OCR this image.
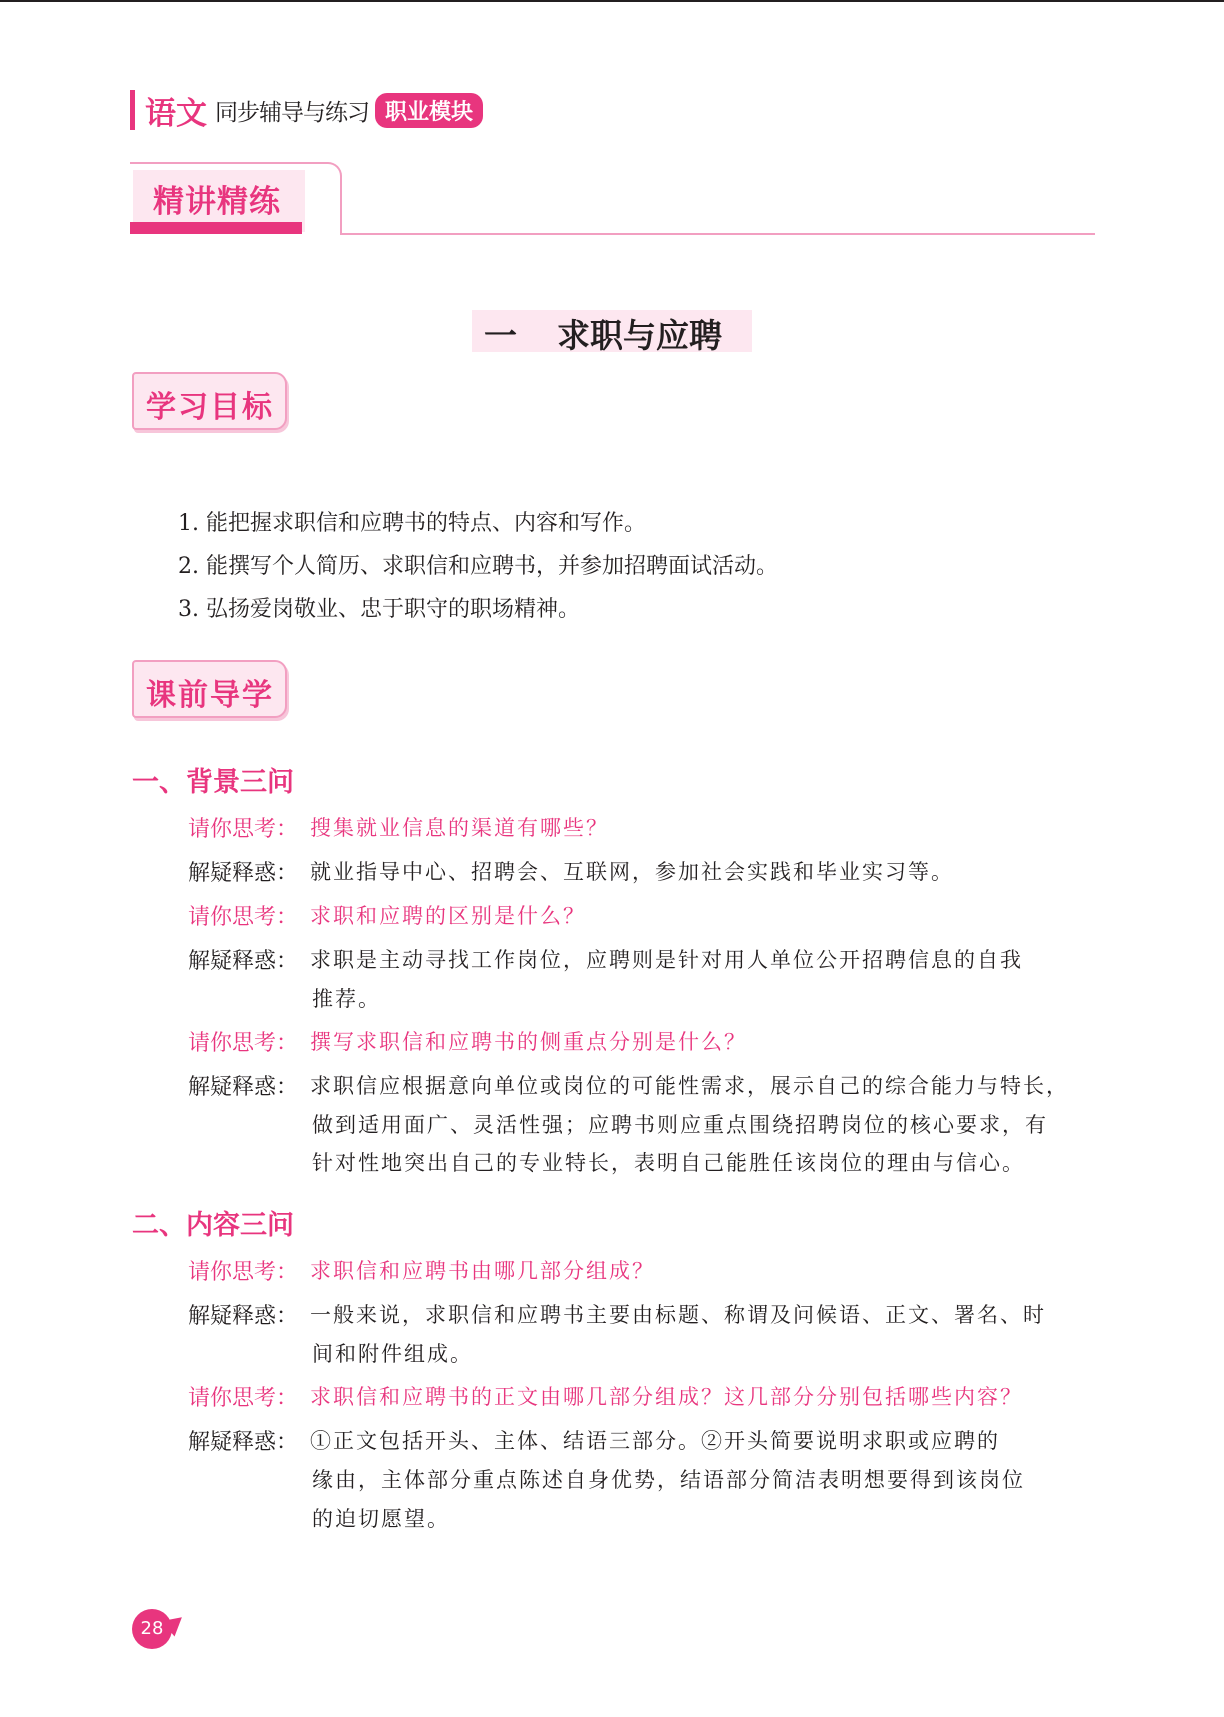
语文 同步辅导与练习 职业模块
精讲精练
一 求职与应聘
学习目标
1. 能把握求职信和应聘书的特点、内容和写作。
2. 能撰写个人简历、求职信和应聘书，并参加招聘面试活动。
3. 弘扬爱岗敬业、忠于职守的职场精神。
课前导学
一、背景三问
请你思考： 搜集就业信息的渠道有哪些？
解疑释惑： 就业指导中心、招聘会、互联网，参加社会实践和毕业实习等。
请你思考： 求职和应聘的区别是什么？
解疑释惑： 求职是主动寻找工作岗位，应聘则是针对用人单位公开招聘信息的自我
推荐。
请你思考： 撰写求职信和应聘书的侧重点分别是什么？
解疑释惑： 求职信应根据意向单位或岗位的可能性需求，展示自己的综合能力与特长，
做到适用面广、灵活性强；应聘书则应重点围绕招聘岗位的核心要求，有
针对性地突出自己的专业特长，表明自己能胜任该岗位的理由与信心。
二、内容三问
请你思考： 求职信和应聘书由哪几部分组成？
解疑释惑： 一般来说，求职信和应聘书主要由标题、称谓及问候语、正文、署名、时
间和附件组成。
请你思考： 求职信和应聘书的正文由哪几部分组成？这几部分分别包括哪些内容？
解疑释惑： ①正文包括开头、主体、结语三部分。②开头简要说明求职或应聘的
缘由，主体部分重点陈述自身优势，结语部分简洁表明想要得到该岗位
的迫切愿望。
28
